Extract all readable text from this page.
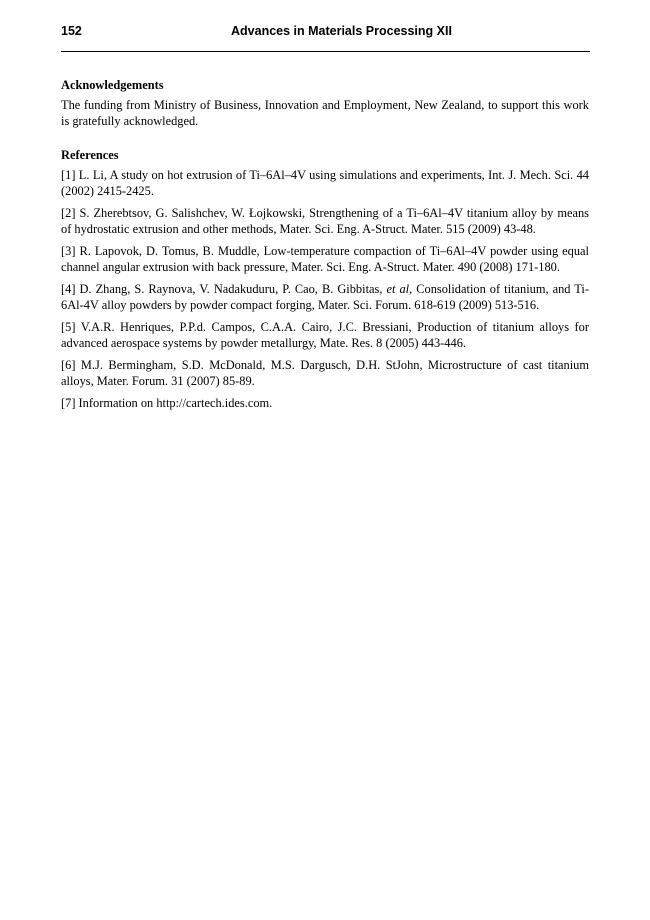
152	Advances in Materials Processing XII
Acknowledgements

The funding from Ministry of Business, Innovation and Employment, New Zealand, to support this work is gratefully acknowledged.

References

[1] L. Li, A study on hot extrusion of Ti–6Al–4V using simulations and experiments, Int. J. Mech. Sci. 44 (2002) 2415-2425.

[2] S. Zherebtsov, G. Salishchev, W. Łojkowski, Strengthening of a Ti–6Al–4V titanium alloy by means of hydrostatic extrusion and other methods, Mater. Sci. Eng. A-Struct. Mater. 515 (2009) 43-48.

[3] R. Lapovok, D. Tomus, B. Muddle, Low-temperature compaction of Ti–6Al–4V powder using equal channel angular extrusion with back pressure, Mater. Sci. Eng. A-Struct. Mater. 490 (2008) 171-180.

[4] D. Zhang, S. Raynova, V. Nadakuduru, P. Cao, B. Gibbitas, et al, Consolidation of titanium, and Ti-6Al-4V alloy powders by powder compact forging, Mater. Sci. Forum. 618-619 (2009) 513-516.

[5] V.A.R. Henriques, P.P.d. Campos, C.A.A. Cairo, J.C. Bressiani, Production of titanium alloys for advanced aerospace systems by powder metallurgy, Mate. Res. 8 (2005) 443-446.

[6] M.J. Bermingham, S.D. McDonald, M.S. Dargusch, D.H. StJohn, Microstructure of cast titanium alloys, Mater. Forum. 31 (2007) 85-89.

[7] Information on http://cartech.ides.com.
